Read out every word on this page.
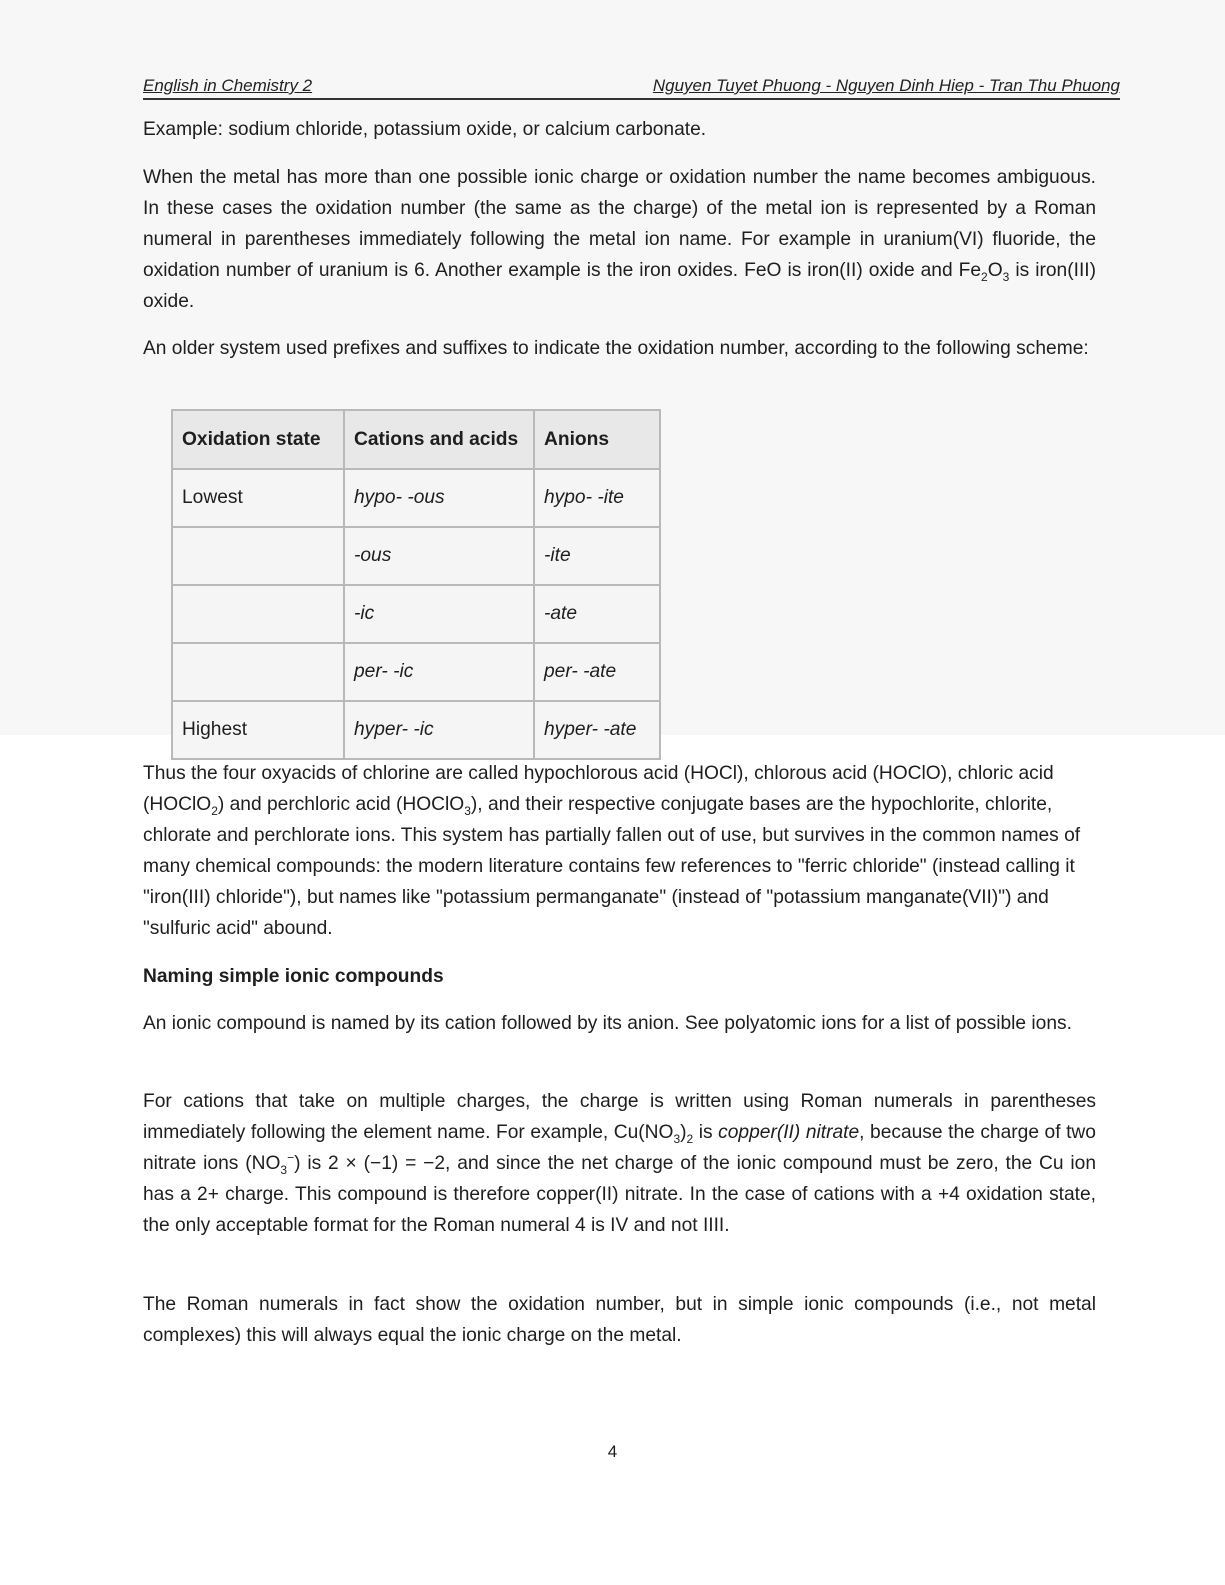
English in Chemistry 2	Nguyen Tuyet Phuong - Nguyen Dinh Hiep - Tran Thu Phuong

Example: sodium chloride, potassium oxide, or calcium carbonate.

When the metal has more than one possible ionic charge or oxidation number the name becomes ambiguous. In these cases the oxidation number (the same as the charge) of the metal ion is represented by a Roman numeral in parentheses immediately following the metal ion name. For example in uranium(VI) fluoride, the oxidation number of uranium is 6. Another example is the iron oxides. FeO is iron(II) oxide and $Fe_2O_3$ is iron(III) oxide.

An older system used prefixes and suffixes to indicate the oxidation number, according to the following scheme:

Oxidation state	Cations and acids	Anions
Lowest	hypo- -ous	hypo- -ite
	-ous	-ite
	-ic	-ate
	per- -ic	per- -ate
Highest	hyper- -ic	hyper- -ate

Thus the four oxyacids of chlorine are called hypochlorous acid (HOCl), chlorous acid (HOClO), chloric acid (HOClO$_2$) and perchloric acid (HOClO$_3$), and their respective conjugate bases are the hypochlorite, chlorite, chlorate and perchlorate ions. This system has partially fallen out of use, but survives in the common names of many chemical compounds: the modern literature contains few references to "ferric chloride" (instead calling it "iron(III) chloride"), but names like "potassium permanganate" (instead of "potassium manganate(VII)") and "sulfuric acid" abound.

Naming simple ionic compounds

An ionic compound is named by its cation followed by its anion. See polyatomic ions for a list of possible ions.

For cations that take on multiple charges, the charge is written using Roman numerals in parentheses immediately following the element name. For example, $Cu(NO_3)_2$ is copper(II) nitrate, because the charge of two nitrate ions $(NO_3^-)$ is 2 × (−1) = −2, and since the net charge of the ionic compound must be zero, the Cu ion has a 2+ charge. This compound is therefore copper(II) nitrate. In the case of cations with a +4 oxidation state, the only acceptable format for the Roman numeral 4 is IV and not IIII.

The Roman numerals in fact show the oxidation number, but in simple ionic compounds (i.e., not metal complexes) this will always equal the ionic charge on the metal.

4
